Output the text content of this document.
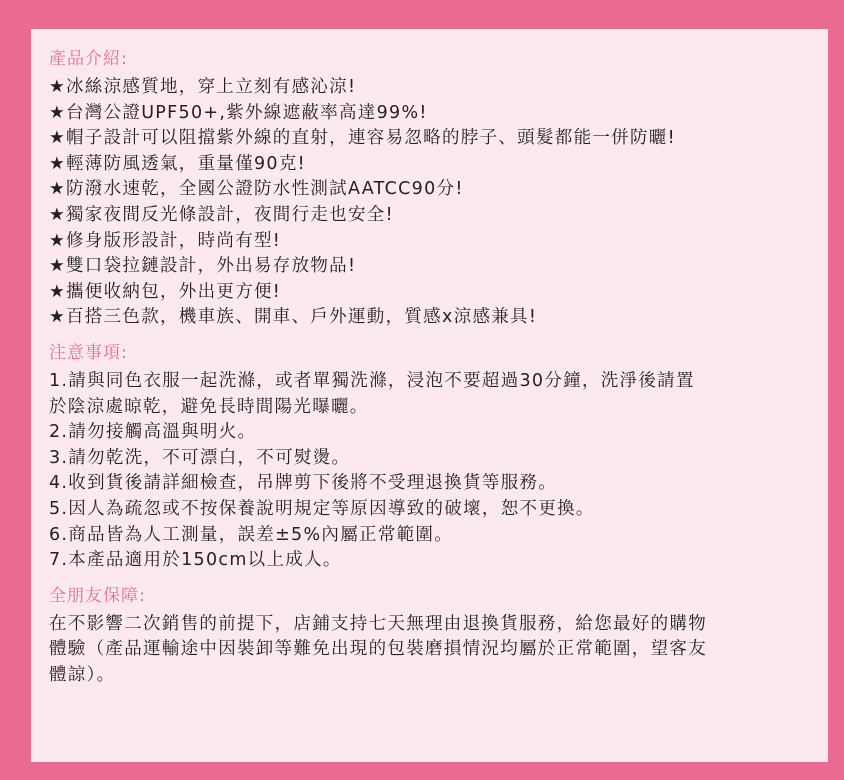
產品介紹:
★冰絲涼感質地，穿上立刻有感沁涼!
★台灣公證UPF50+,紫外線遮蔽率高達99%!
★帽子設計可以阻擋紫外線的直射，連容易忽略的脖子、頭髮都能一併防曬!
★輕薄防風透氣，重量僅90克!
★防潑水速乾，全國公證防水性測試AATCC90分!
★獨家夜間反光條設計，夜間行走也安全!
★修身版形設計，時尚有型!
★雙口袋拉鏈設計，外出易存放物品!
★攜便收納包，外出更方便!
★百搭三色款，機車族、開車、戶外運動，質感x涼感兼具!
注意事項:
1.請與同色衣服一起洗滌，或者單獨洗滌，浸泡不要超過30分鐘，洗淨後請置
於陰涼處晾乾，避免長時間陽光曝曬。
2.請勿接觸高溫與明火。
3.請勿乾洗，不可漂白，不可熨燙。
4.收到貨後請詳細檢查，吊牌剪下後將不受理退換貨等服務。
5.因人為疏忽或不按保養說明規定等原因導致的破壞，恕不更換。
6.商品皆為人工測量，誤差±5%內屬正常範圍。
7.本產品適用於150cm以上成人。
全朋友保障:

在不影響二次銷售的前提下，店鋪支持七天無理由退換貨服務，給您最好的購物

體驗（產品運輸途中因裝卸等難免出現的包裝磨損情況均屬於正常範圍，望客友

體諒）。
